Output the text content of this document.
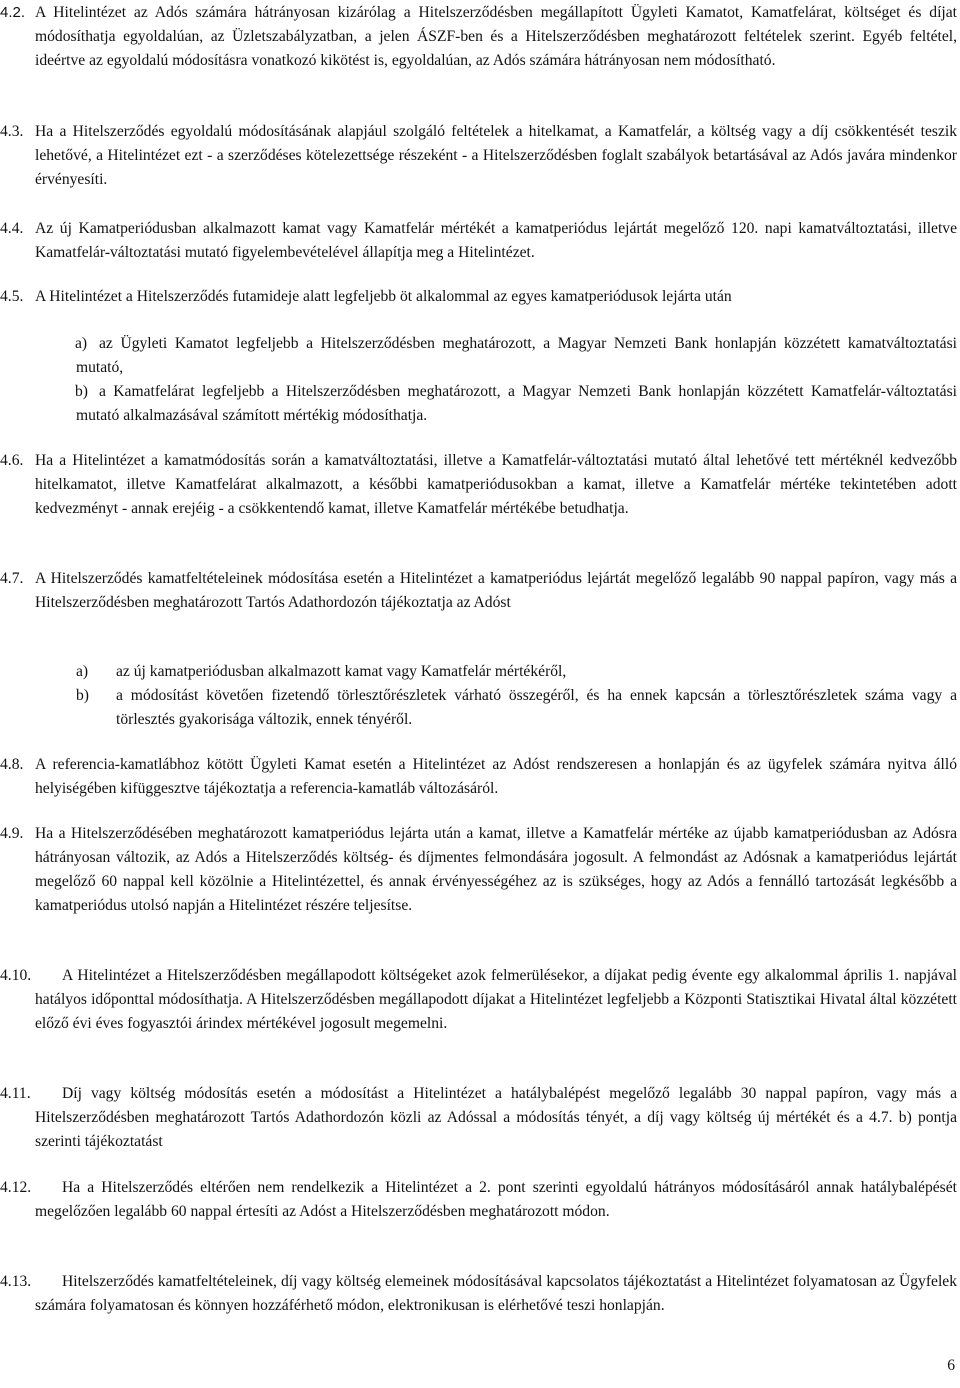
4.2. A Hitelintézet az Adós számára hátrányosan kizárólag a Hitelszerződésben megállapított Ügyleti Kamatot, Kamatfelárat, költséget és díjat módosíthatja egyoldalúan, az Üzletszabályzatban, a jelen ÁSZF-ben és a Hitelszerződésben meghatározott feltételek szerint. Egyéb feltétel, ideértve az egyoldalú módosításra vonatkozó kikötést is, egyoldalúan, az Adós számára hátrányosan nem módosítható.
4.3. Ha a Hitelszerződés egyoldalú módosításának alapjául szolgáló feltételek a hitelkamat, a Kamatfelár, a költség vagy a díj csökkentését teszik lehetővé, a Hitelintézet ezt - a szerződéses kötelezettsége részeként - a Hitelszerződésben foglalt szabályok betartásával az Adós javára mindenkor érvényesíti.
4.4. Az új Kamatperiódusban alkalmazott kamat vagy Kamatfelár mértékét a kamatperiódus lejártát megelőző 120. napi kamatváltoztatási, illetve Kamatfelár-változtatási mutató figyelembevételével állapítja meg a Hitelintézet.
4.5. A Hitelintézet a Hitelszerződés futamideje alatt legfeljebb öt alkalommal az egyes kamatperiódusok lejárta után
a) az Ügyleti Kamatot legfeljebb a Hitelszerződésben meghatározott, a Magyar Nemzeti Bank honlapján közzétett kamatváltoztatási mutató,
b) a Kamatfelárat legfeljebb a Hitelszerződésben meghatározott, a Magyar Nemzeti Bank honlapján közzétett Kamatfelár-változtatási mutató alkalmazásával számított mértékig módosíthatja.
4.6. Ha a Hitelintézet a kamatmódosítás során a kamatváltoztatási, illetve a Kamatfelár-változtatási mutató által lehetővé tett mértéknél kedvezőbb hitelkamatot, illetve Kamatfelárat alkalmazott, a későbbi kamatperiódusokban a kamat, illetve a Kamatfelár mértéke tekintetében adott kedvezményt - annak erejéig - a csökkentendő kamat, illetve Kamatfelár mértékébe betudhatja.
4.7. A Hitelszerződés kamatfeltételeinek módosítása esetén a Hitelintézet a kamatperiódus lejártát megelőző legalább 90 nappal papíron, vagy más a Hitelszerződésben meghatározott Tartós Adathordozón tájékoztatja az Adóst
a) az új kamatperiódusban alkalmazott kamat vagy Kamatfelár mértékéről,
b) a módosítást követően fizetendő törlesztőrészletek várható összegéről, és ha ennek kapcsán a törlesztőrészletek száma vagy a törlesztés gyakorisága változik, ennek tényéről.
4.8. A referencia-kamatlábhoz kötött Ügyleti Kamat esetén a Hitelintézet az Adóst rendszeresen a honlapján és az ügyfelek számára nyitva álló helyiségében kifüggesztve tájékoztatja a referencia-kamatláb változásáról.
4.9. Ha a Hitelszerződésében meghatározott kamatperiódus lejárta után a kamat, illetve a Kamatfelár mértéke az újabb kamatperiódusban az Adósra hátrányosan változik, az Adós a Hitelszerződés költség- és díjmentes felmondására jogosult. A felmondást az Adósnak a kamatperiódus lejártát megelőző 60 nappal kell közölnie a Hitelintézettel, és annak érvényességéhez az is szükséges, hogy az Adós a fennálló tartozását legkésőbb a kamatperiódus utolsó napján a Hitelintézet részére teljesítse.
4.10.	A Hitelintézet a Hitelszerződésben megállapodott költségeket azok felmerülésekor, a díjakat pedig évente egy alkalommal április 1. napjával hatályos időponttal módosíthatja. A Hitelszerződésben megállapodott díjakat a Hitelintézet legfeljebb a Központi Statisztikai Hivatal által közzétett előző évi éves fogyasztói árindex mértékével jogosult megemelni.
4.11.	Díj vagy költség módosítás esetén a módosítást a Hitelintézet a hatálybalépést megelőző legalább 30 nappal papíron, vagy más a Hitelszerződésben meghatározott Tartós Adathordozón közli az Adóssal a módosítás tényét, a díj vagy költség új mértékét és a 4.7. b) pontja szerinti tájékoztatást
4.12.	Ha a Hitelszerződés eltérően nem rendelkezik a Hitelintézet a 2. pont szerinti egyoldalú hátrányos módosításáról annak hatálybalépését megelőzően legalább 60 nappal értesíti az Adóst a Hitelszerződésben meghatározott módon.
4.13.	Hitelszerződés kamatfeltételeinek, díj vagy költség elemeinek módosításával kapcsolatos tájékoztatást a Hitelintézet folyamatosan az Ügyfelek számára folyamatosan és könnyen hozzáférhető módon, elektronikusan is elérhetővé teszi honlapján.
6
